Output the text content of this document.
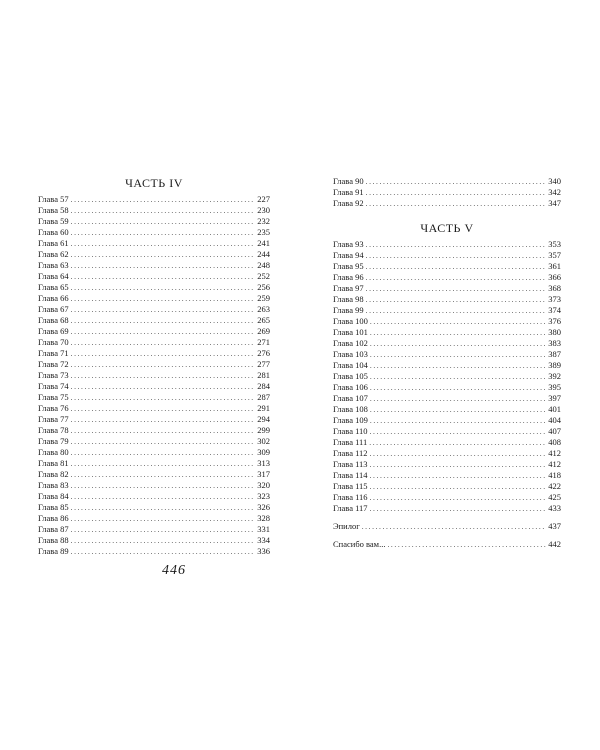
ЧАСТЬ IV
Глава 57 .....	227
Глава 58 .....	230
Глава 59 .....	232
Глава 60 .....	235
Глава 61 .....	241
Глава 62 .....	244
Глава 63 .....	248
Глава 64 .....	252
Глава 65 .....	256
Глава 66 .....	259
Глава 67 .....	263
Глава 68 .....	265
Глава 69 .....	269
Глава 70 .....	271
Глава 71 .....	276
Глава 72 .....	277
Глава 73 .....	281
Глава 74 .....	284
Глава 75 .....	287
Глава 76 .....	291
Глава 77 .....	294
Глава 78 .....	299
Глава 79 .....	302
Глава 80 .....	309
Глава 81 .....	313
Глава 82 .....	317
Глава 83 .....	320
Глава 84 .....	323
Глава 85 .....	326
Глава 86 .....	328
Глава 87 .....	331
Глава 88 .....	334
Глава 89 .....	336
Глава 90 .....	340
Глава 91 .....	342
Глава 92 .....	347
ЧАСТЬ V
Глава 93 .....	353
Глава 94 .....	357
Глава 95 .....	361
Глава 96 .....	366
Глава 97 .....	368
Глава 98 .....	373
Глава 99 .....	374
Глава 100 .....	376
Глава 101 .....	380
Глава 102 .....	383
Глава 103 .....	387
Глава 104 .....	389
Глава 105 .....	392
Глава 106 .....	395
Глава 107 .....	397
Глава 108 .....	401
Глава 109 .....	404
Глава 110 .....	407
Глава 111 .....	408
Глава 112 .....	412
Глава 113 .....	412
Глава 114 .....	418
Глава 115 .....	422
Глава 116 .....	425
Глава 117 .....	433
Эпилог .....	437
Спасибо вам... .....	442
446
